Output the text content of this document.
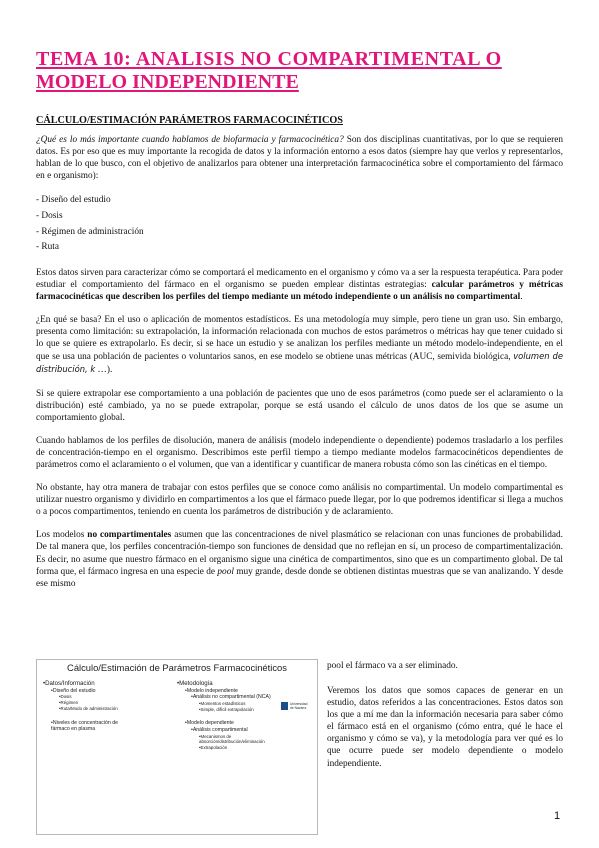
TEMA 10: ANALISIS NO COMPARTIMENTAL O
MODELO INDEPENDIENTE
CÁLCULO/ESTIMACIÓN PARÁMETROS FARMACOCINÉTICOS

¿Qué es lo más importante cuando hablamos de biofarmacia y farmacocinética? Son dos disciplinas cuantitativas, por lo que se requieren datos. Es por eso que es muy importante la recogida de datos y la información entorno a esos datos (siempre hay que verlos y representarlos, hablan de lo que busco, con el objetivo de analizarlos para obtener una interpretación farmacocinética sobre el comportamiento del fármaco en e organismo):

- Diseño del estudio
- Dosis
- Régimen de administración
- Ruta

Estos datos sirven para caracterizar cómo se comportará el medicamento en el organismo y cómo va a ser la respuesta terapéutica. Para poder estudiar el comportamiento del fármaco en el organismo se pueden emplear distintas estrategias: calcular parámetros y métricas farmacocinéticas que describen los perfiles del tiempo mediante un método independiente o un análisis no compartimental.

¿En qué se basa? En el uso o aplicación de momentos estadísticos. Es una metodología muy simple, pero tiene un gran uso. Sin embargo, presenta como limitación: su extrapolación, la información relacionada con muchos de estos parámetros o métricas hay que tener cuidado si lo que se quiere es extrapolarlo. Es decir, si se hace un estudio y se analizan los perfiles mediante un método modelo-independiente, en el que se usa una población de pacientes o voluntarios sanos, en ese modelo se obtiene unas métricas (AUC, semivida biológica, volumen de distribución, k …).

Si se quiere extrapolar ese comportamiento a una población de pacientes que uno de esos parámetros (como puede ser el aclaramiento o la distribución) esté cambiado, ya no se puede extrapolar, porque se está usando el cálculo de unos datos de los que se asume un comportamiento global.

Cuando hablamos de los perfiles de disolución, manera de análisis (modelo independiente o dependiente) podemos trasladarlo a los perfiles de concentración-tiempo en el organismo. Describimos este perfil tiempo a tiempo mediante modelos farmacocinéticos dependientes de parámetros como el aclaramiento o el volumen, que van a identificar y cuantificar de manera robusta cómo son las cinéticas en el tiempo.

No obstante, hay otra manera de trabajar con estos perfiles que se conoce como análisis no compartimental. Un modelo compartimental es utilizar nuestro organismo y dividirlo en compartimentos a los que el fármaco puede llegar, por lo que podremos identificar si llega a muchos o a pocos compartimentos, teniendo en cuenta los parámetros de distribución y de aclaramiento.

Los modelos no compartimentales asumen que las concentraciones de nivel plasmático se relacionan con unas funciones de probabilidad. De tal manera que, los perfiles concentración-tiempo son funciones de densidad que no reflejan en sí, un proceso de compartimentalización. Es decir, no asume que nuestro fármaco en el organismo sigue una cinética de compartimentos, sino que es un compartimento global. De tal forma que, el fármaco ingresa en una especie de pool muy grande, desde donde se obtienen distintas muestras que se van analizando. Y desde ese mismo

Cálculo/Estimación de Parámetros Farmacocinéticos
Universidad de Navarra
• Datos/Información
• Diseño del estudio
• Dosis
• Régimen
• Ruta/Modo de administración
• Niveles de concentración de fármaco en plasma
• Metodología
• Modelo independiente
• Análisis no compartimental (NCA)
• Momentos estadísticos
• Simple, difícil extrapolación
• Modelo dependiente
• Análisis compartimental
• Mecanismos de absorción/distribución/eliminación
• Extrapolación
pool el fármaco va a ser eliminado.

Veremos los datos que somos capaces de generar en un estudio, datos referidos a las concentraciones. Estos datos son los que a mí me dan la información necesaria para saber cómo el fármaco está en el organismo (cómo entra, qué le hace el organismo y cómo se va), y la metodología para ver qué es lo que ocurre puede ser modelo dependiente o modelo independiente.

1
